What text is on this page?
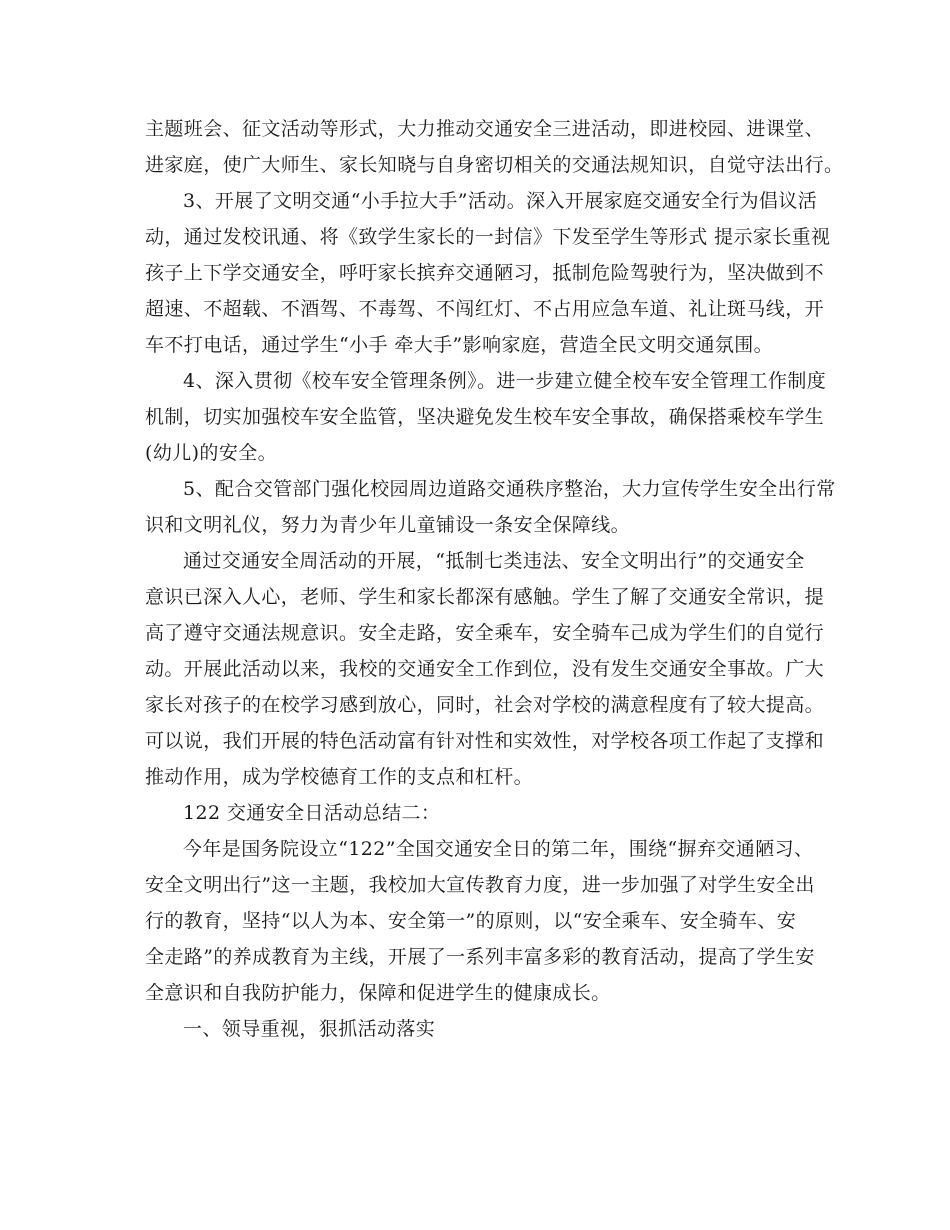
主题班会、征文活动等形式，大力推动交通安全三进活动，即进校园、进课堂、
进家庭，使广大师生、家长知晓与自身密切相关的交通法规知识，自觉守法出行。
3、开展了文明交通“小手拉大手”活动。深入开展家庭交通安全行为倡议活
动，通过发校讯通、将《致学生家长的一封信》下发至学生等形式 提示家长重视
孩子上下学交通安全，呼吁家长摈弃交通陋习，抵制危险驾驶行为，坚决做到不
超速、不超载、不酒驾、不毒驾、不闯红灯、不占用应急车道、礼让斑马线，开
车不打电话，通过学生“小手 牵大手”影响家庭，营造全民文明交通氛围。
4、深入贯彻《校车安全管理条例》。进一步建立健全校车安全管理工作制度
机制，切实加强校车安全监管，坚决避免发生校车安全事故，确保搭乘校车学生
(幼儿)的安全。
5、配合交管部门强化校园周边道路交通秩序整治，大力宣传学生安全出行常
识和文明礼仪，努力为青少年儿童铺设一条安全保障线。
通过交通安全周活动的开展，“抵制七类违法、安全文明出行”的交通安全
意识已深入人心，老师、学生和家长都深有感触。学生了解了交通安全常识，提
高了遵守交通法规意识。安全走路，安全乘车，安全骑车己成为学生们的自觉行
动。开展此活动以来，我校的交通安全工作到位，没有发生交通安全事故。广大
家长对孩子的在校学习感到放心，同时，社会对学校的满意程度有了较大提高。
可以说，我们开展的特色活动富有针对性和实效性，对学校各项工作起了支撑和
推动作用，成为学校德育工作的支点和杠杆。
122 交通安全日活动总结二：
今年是国务院设立“122”全国交通安全日的第二年，围绕“摒弃交通陋习、
安全文明出行”这一主题，我校加大宣传教育力度，进一步加强了对学生安全出
行的教育，坚持“以人为本、安全第一”的原则，以“安全乘车、安全骑车、安
全走路”的养成教育为主线，开展了一系列丰富多彩的教育活动，提高了学生安
全意识和自我防护能力，保障和促进学生的健康成长。
一、领导重视，狠抓活动落实
